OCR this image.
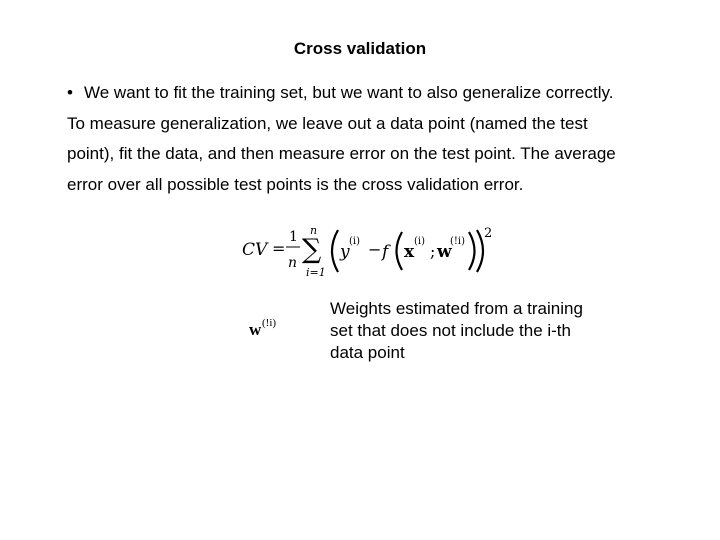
Cross validation
• We want to fit the training set, but we want to also generalize correctly.
To measure generalization, we leave out a data point (named the test
point), fit the data, and then measure error on the test point. The average
error over all possible test points is the cross validation error.
CV =
1
n
n
∑
i=1
y
(i) − f x
(i)
; w
(!i)
2
w (!i)
Weights estimated from a training
set that does not include the i-th
data point
